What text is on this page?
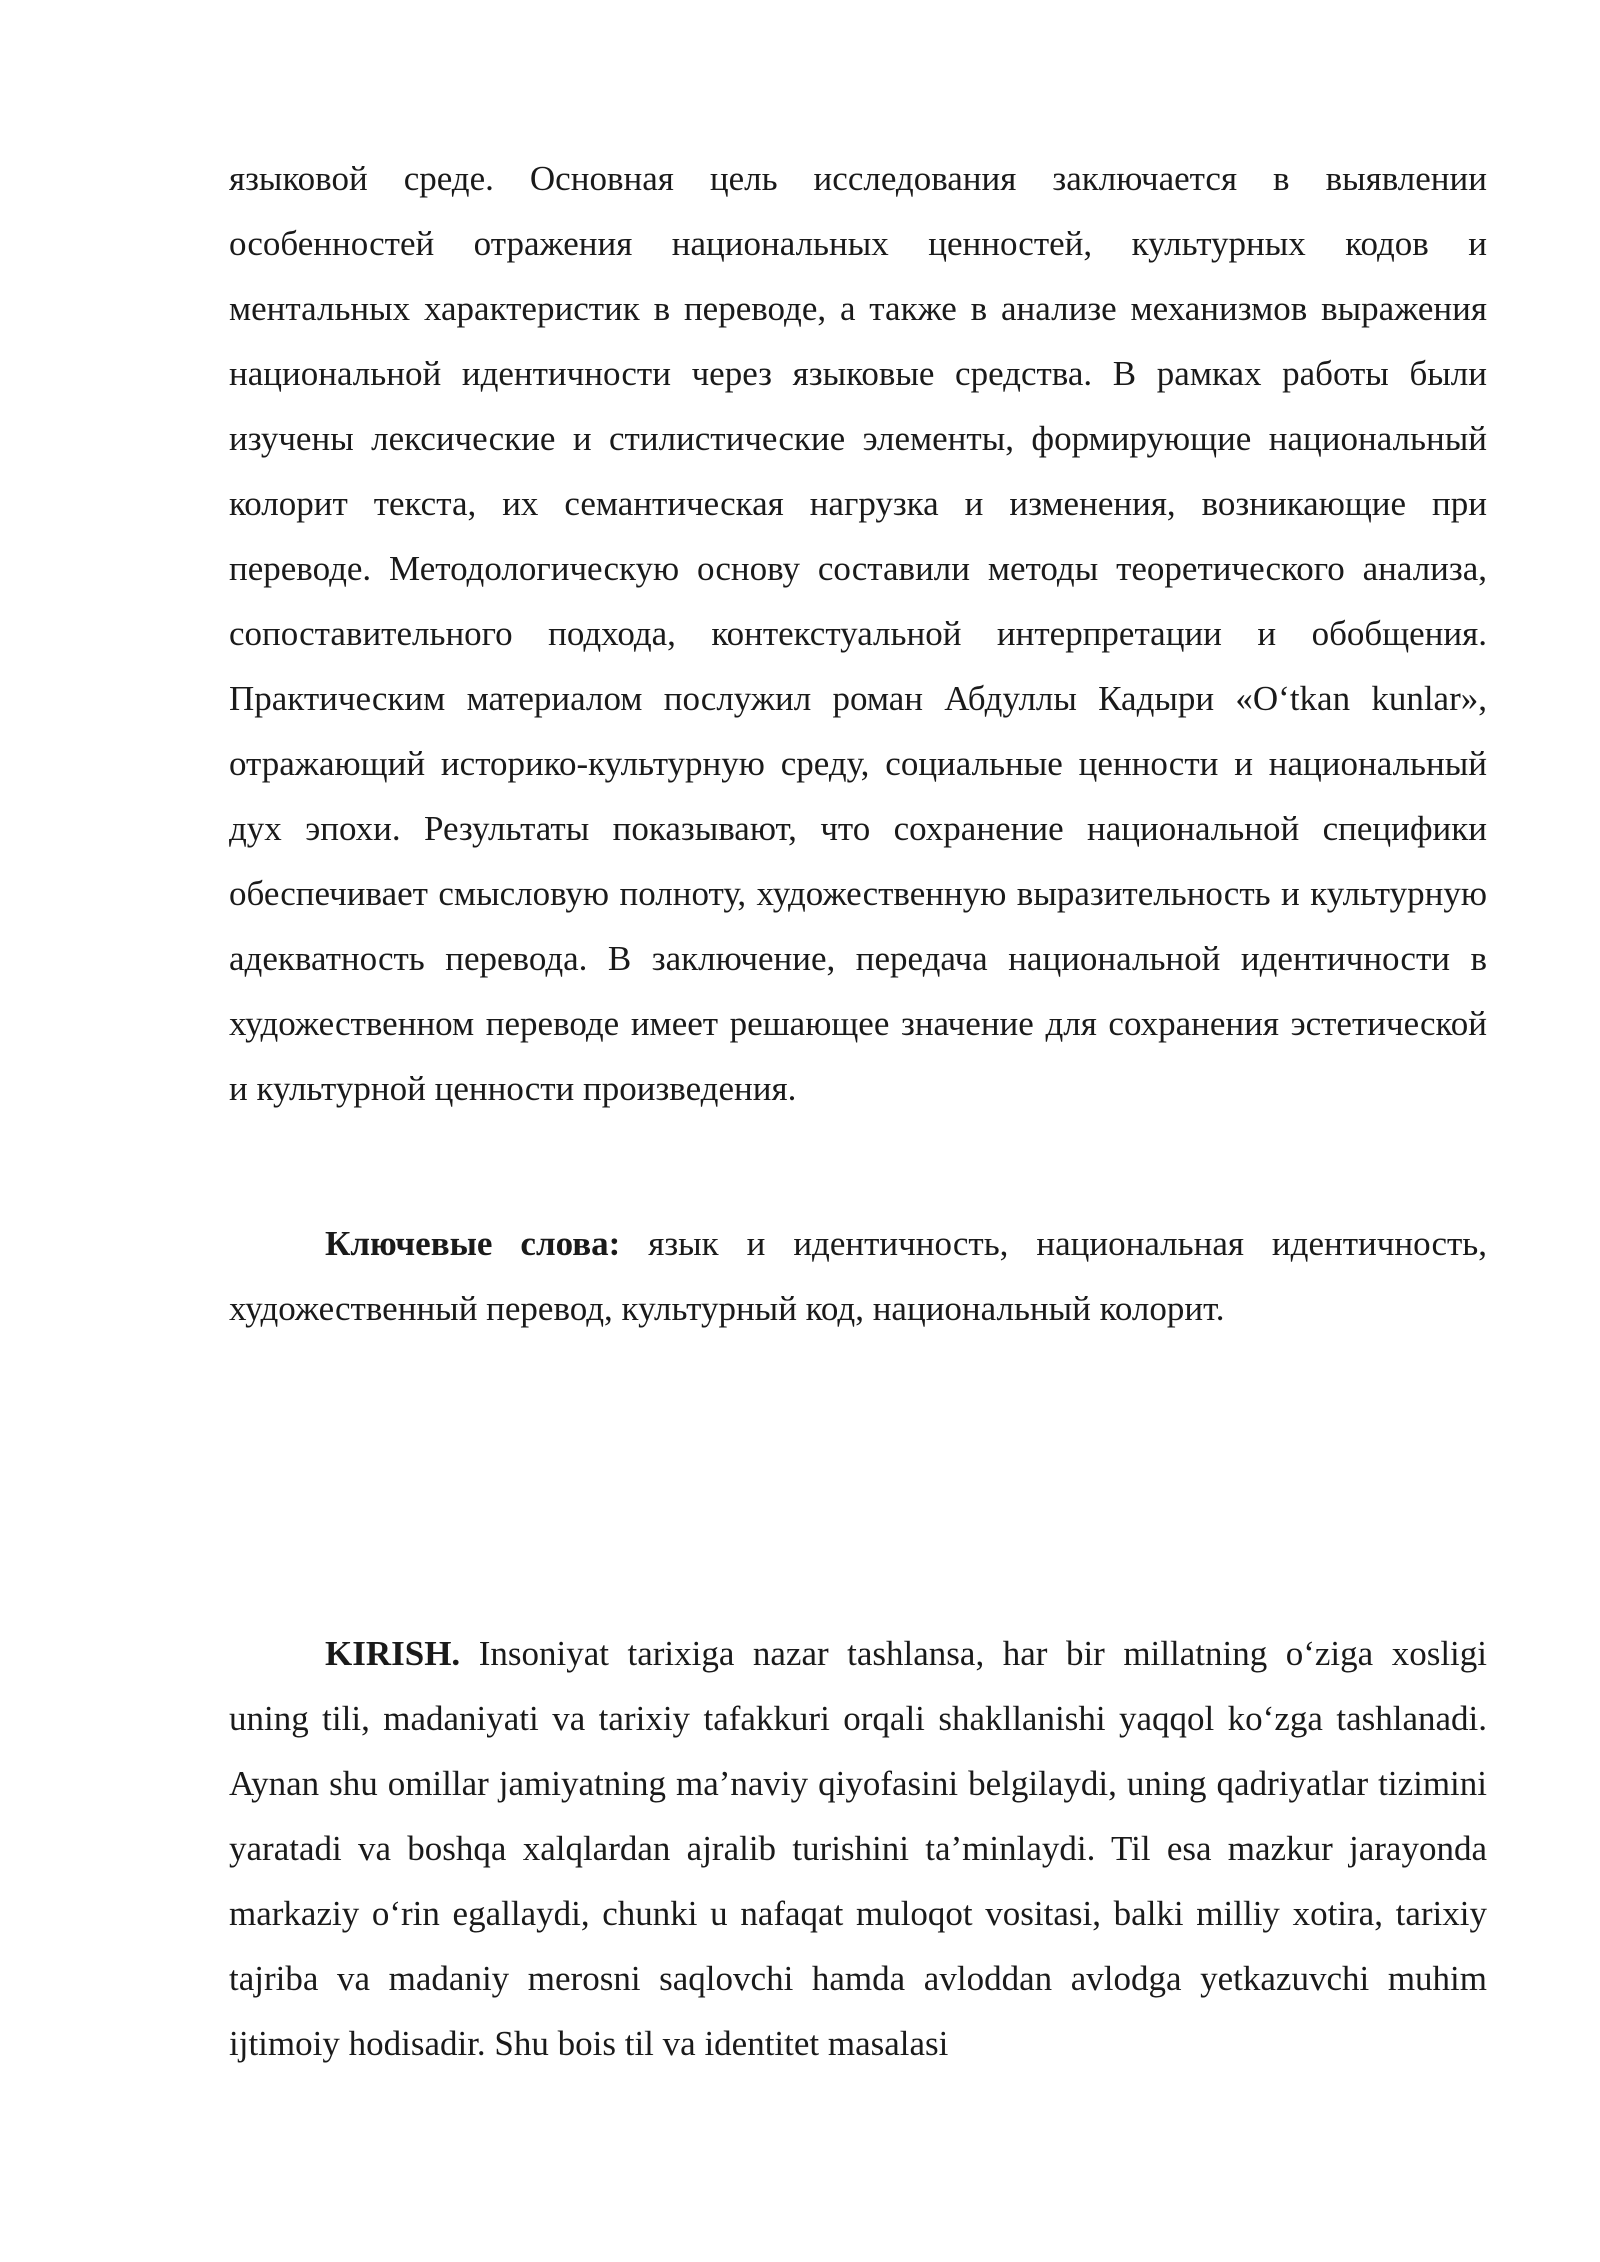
языковой среде. Основная цель исследования заключается в выявлении особенностей отражения национальных ценностей, культурных кодов и ментальных характеристик в переводе, а также в анализе механизмов выражения национальной идентичности через языковые средства. В рамках работы были изучены лексические и стилистические элементы, формирующие национальный колорит текста, их семантическая нагрузка и изменения, возникающие при переводе. Методологическую основу составили методы теоретического анализа, сопоставительного подхода, контекстуальной интерпретации и обобщения. Практическим материалом послужил роман Абдуллы Кадыри «O‘tkan kunlar», отражающий историко-культурную среду, социальные ценности и национальный дух эпохи. Результаты показывают, что сохранение национальной специфики обеспечивает смысловую полноту, художественную выразительность и культурную адекватность перевода. В заключение, передача национальной идентичности в художественном переводе имеет решающее значение для сохранения эстетической и культурной ценности произведения.

Ключевые слова: язык и идентичность, национальная идентичность, художественный перевод, культурный код, национальный колорит.

KIRISH. Insoniyat tarixiga nazar tashlansa, har bir millatning o‘ziga xosligi uning tili, madaniyati va tarixiy tafakkuri orqali shakllanishi yaqqol ko‘zga tashlanadi. Aynan shu omillar jamiyatning ma’naviy qiyofasini belgilaydi, uning qadriyatlar tizimini yaratadi va boshqa xalqlardan ajralib turishini ta’minlaydi. Til esa mazkur jarayonda markaziy o‘rin egallaydi, chunki u nafaqat muloqot vositasi, balki milliy xotira, tarixiy tajriba va madaniy merosni saqlovchi hamda avloddan avlodga yetkazuvchi muhim ijtimoiy hodisadir. Shu bois til va identitet masalasi
